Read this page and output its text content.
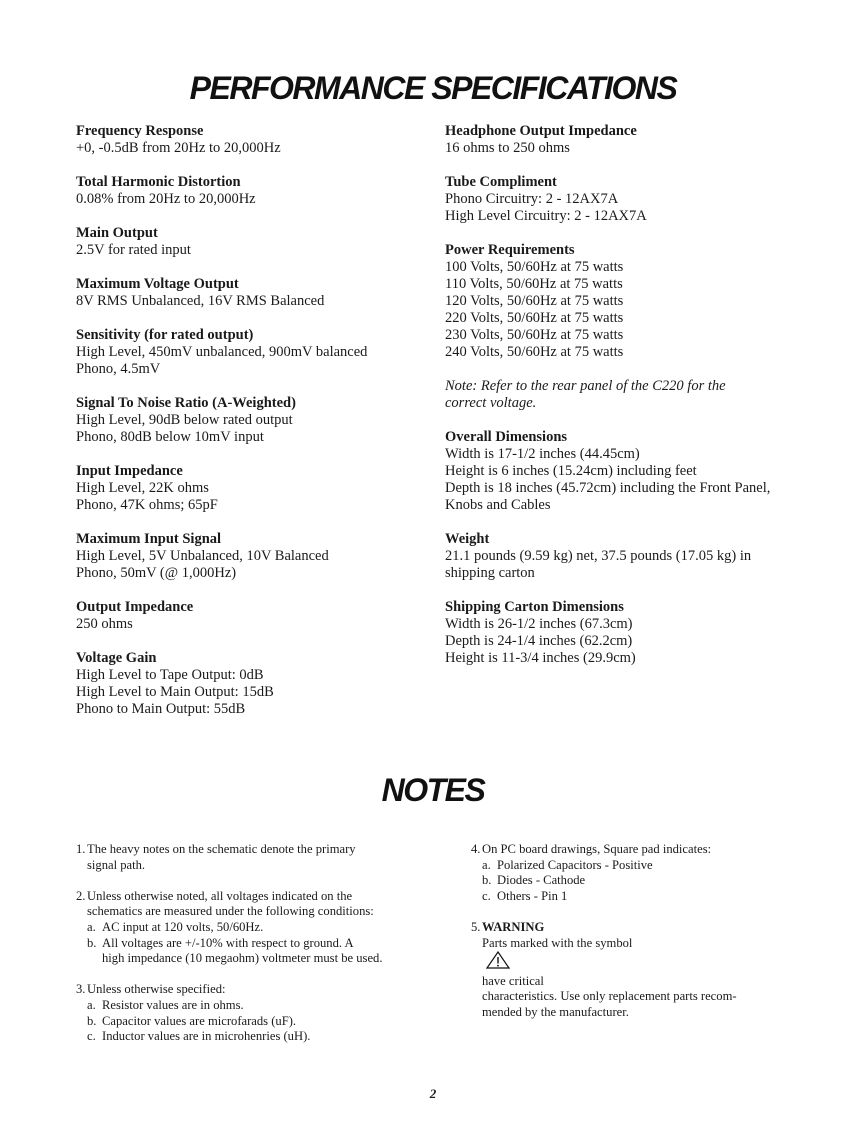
PERFORMANCE SPECIFICATIONS
Frequency Response
+0, -0.5dB from 20Hz to 20,000Hz
Total Harmonic Distortion
0.08% from 20Hz to 20,000Hz
Main Output
2.5V for rated input
Maximum Voltage Output
8V RMS Unbalanced, 16V RMS Balanced
Sensitivity (for rated output)
High Level, 450mV unbalanced, 900mV balanced
Phono, 4.5mV
Signal To Noise Ratio (A-Weighted)
High Level, 90dB below rated output
Phono, 80dB below 10mV input
Input Impedance
High Level, 22K ohms
Phono, 47K ohms; 65pF
Maximum Input Signal
High Level, 5V Unbalanced, 10V Balanced
Phono, 50mV (@ 1,000Hz)
Output Impedance
250 ohms
Voltage Gain
High Level to Tape Output: 0dB
High Level to Main Output: 15dB
Phono to Main Output: 55dB
Headphone Output Impedance
16 ohms to 250 ohms
Tube Compliment
Phono Circuitry: 2 - 12AX7A
High Level Circuitry: 2 - 12AX7A
Power Requirements
100 Volts, 50/60Hz at 75 watts
110 Volts, 50/60Hz at 75 watts
120 Volts, 50/60Hz at 75 watts
220 Volts, 50/60Hz at 75 watts
230 Volts, 50/60Hz at 75 watts
240 Volts, 50/60Hz at 75 watts
Note: Refer to the rear panel of the C220 for the
correct voltage.
Overall Dimensions
Width is 17-1/2 inches (44.45cm)
Height is 6 inches (15.24cm) including feet
Depth is 18 inches (45.72cm) including the Front Panel,
Knobs and Cables
Weight
21.1 pounds (9.59 kg) net, 37.5 pounds (17.05 kg) in
shipping carton
Shipping Carton Dimensions
Width is 26-1/2 inches (67.3cm)
Depth is 24-1/4 inches (62.2cm)
Height is 11-3/4 inches (29.9cm)
NOTES
1. The heavy notes on the schematic denote the primary
signal path.
2. Unless otherwise noted, all voltages indicated on the
schematics are measured under the following conditions:
a. AC input at 120 volts, 50/60Hz.
b. All voltages are +/-10% with respect to ground. A
high impedance (10 megaohm) voltmeter must be used.
3. Unless otherwise specified:
a. Resistor values are in ohms.
b. Capacitor values are microfarads (uF).
c. Inductor values are in microhenries (uH).
4. On PC board drawings, Square pad indicates:
a. Polarized Capacitors - Positive
b. Diodes - Cathode
c. Others - Pin 1
5. WARNING
Parts marked with the symbol
have critical
characteristics. Use only replacement parts recom-
mended by the manufacturer.
2
